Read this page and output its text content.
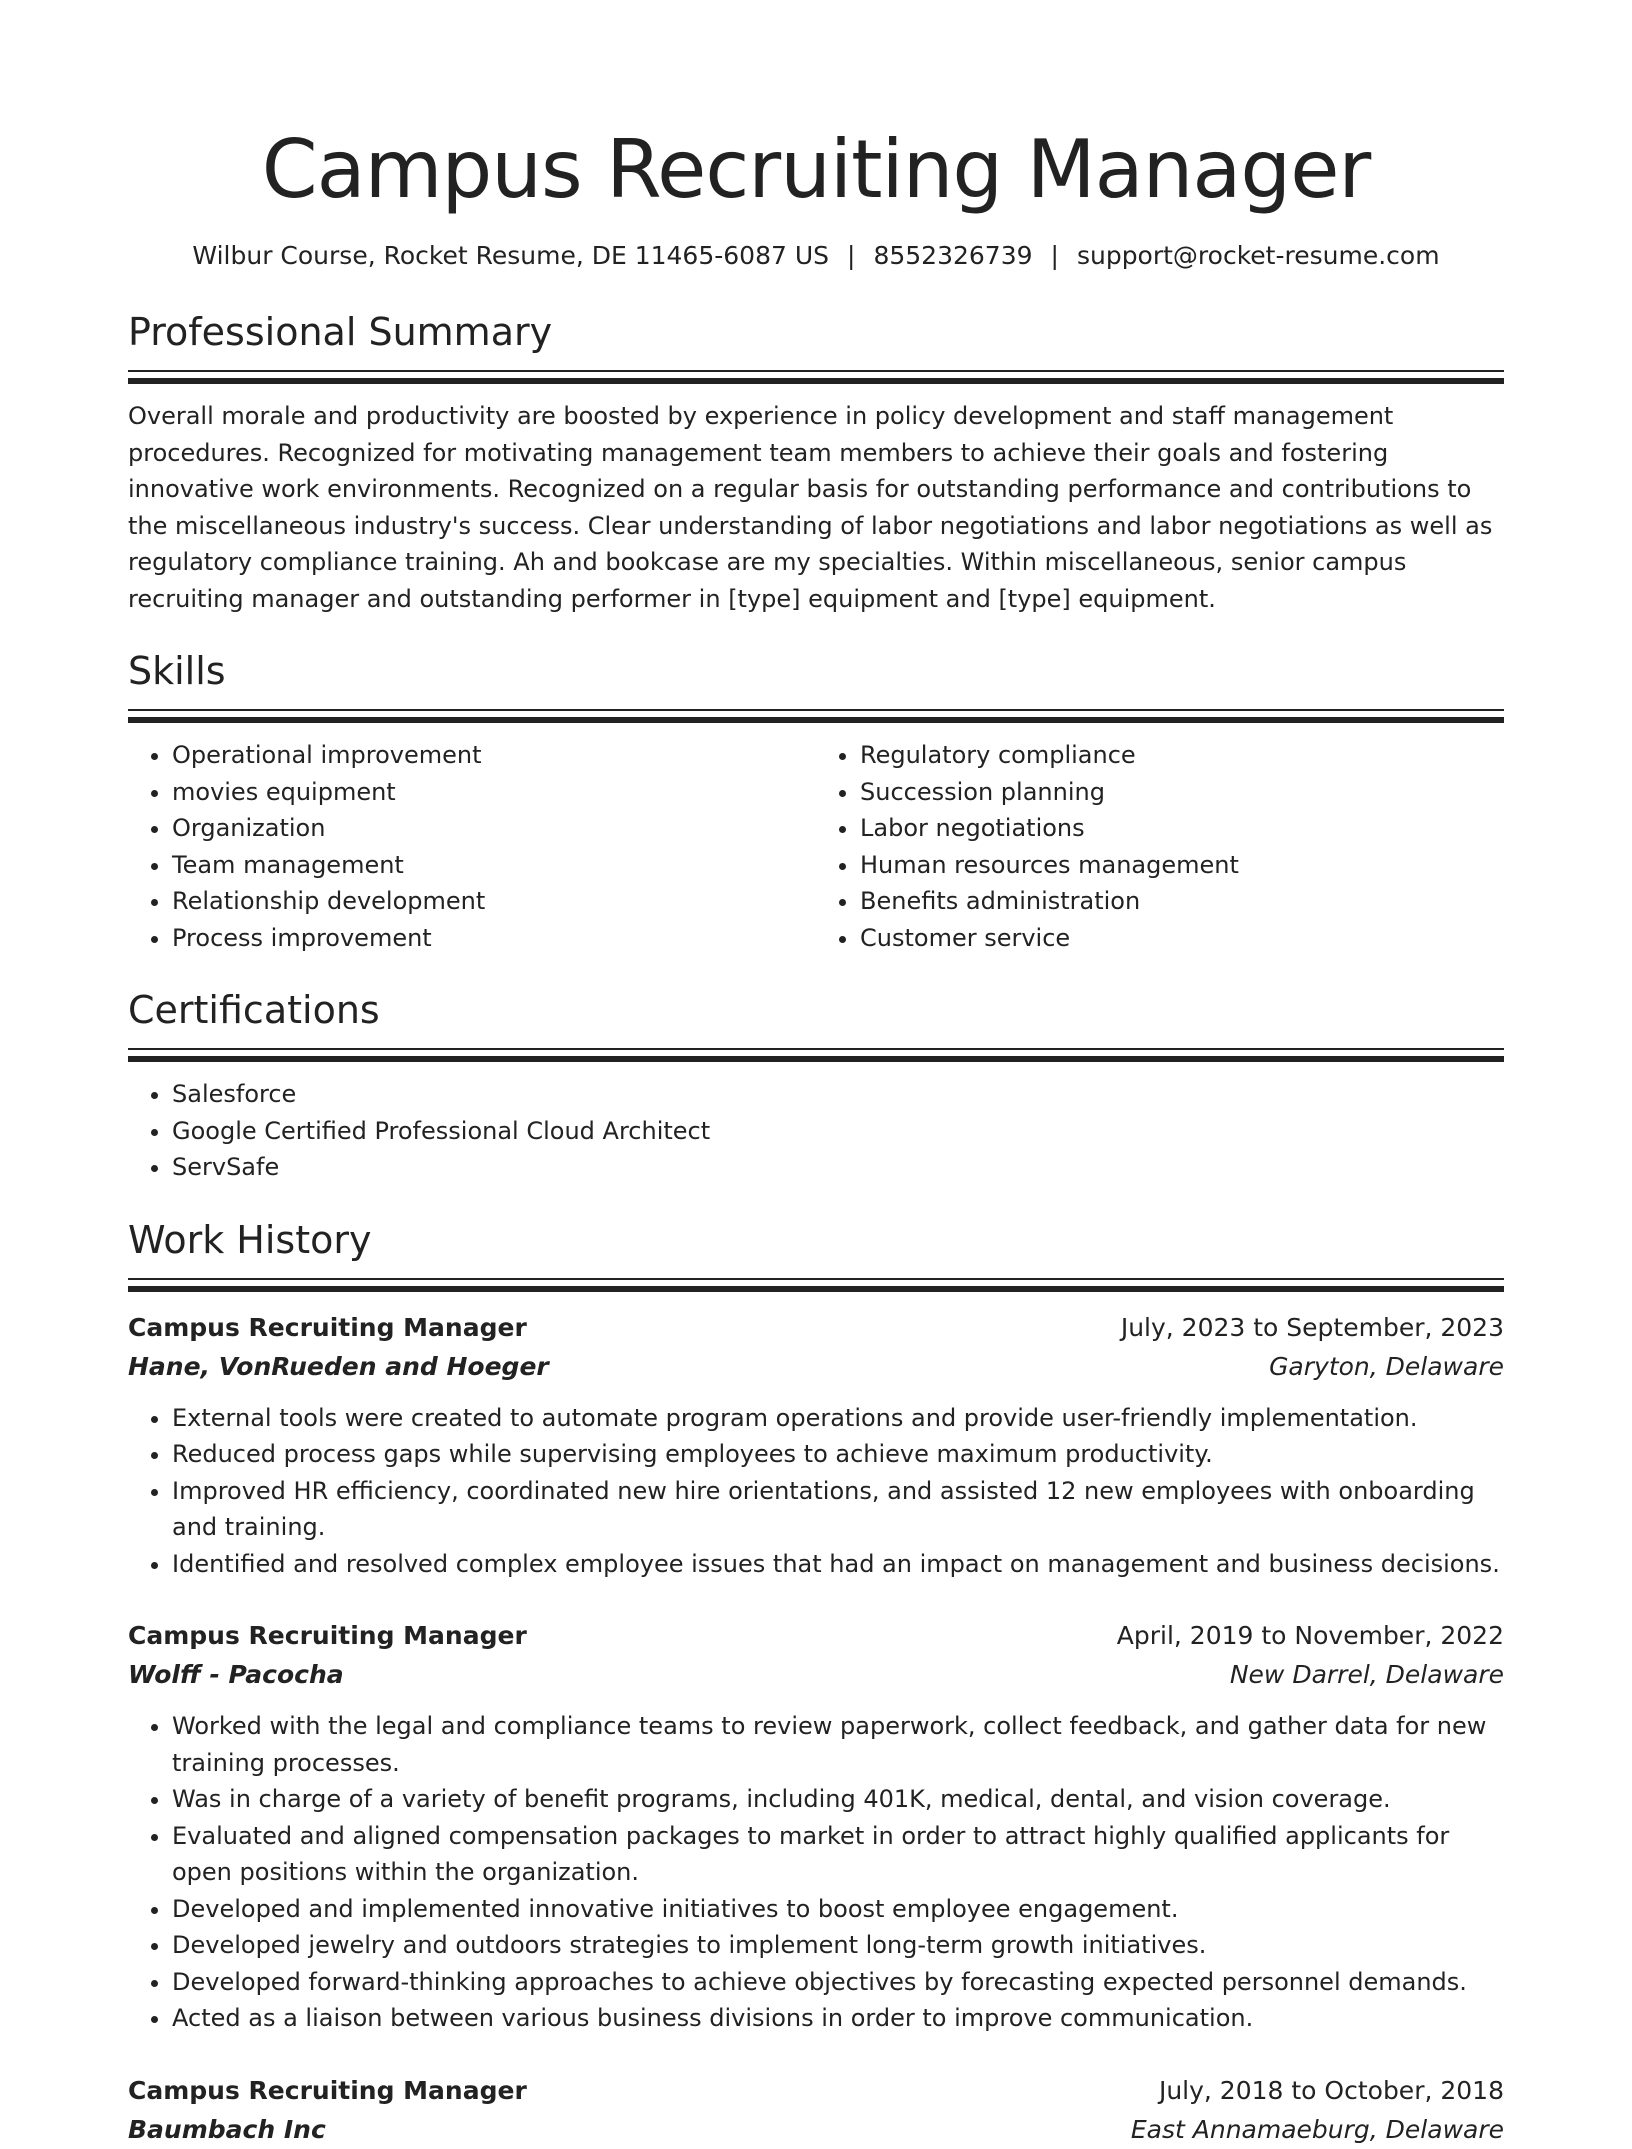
Campus Recruiting Manager
Wilbur Course, Rocket Resume, DE 11465-6087 US | 8552326739 | support@rocket-resume.com
Professional Summary
Overall morale and productivity are boosted by experience in policy development and staff management procedures. Recognized for motivating management team members to achieve their goals and fostering innovative work environments. Recognized on a regular basis for outstanding performance and contributions to the miscellaneous industry's success. Clear understanding of labor negotiations and labor negotiations as well as regulatory compliance training. Ah and bookcase are my specialties. Within miscellaneous, senior campus recruiting manager and outstanding performer in [type] equipment and [type] equipment.
Skills
• Operational improvement
• movies equipment
• Organization
• Team management
• Relationship development
• Process improvement
• Regulatory compliance
• Succession planning
• Labor negotiations
• Human resources management
• Benefits administration
• Customer service
Certifications
• Salesforce
• Google Certified Professional Cloud Architect
• ServSafe
Work History
Campus Recruiting Manager	July, 2023 to September, 2023
Hane, VonRueden and Hoeger	Garyton, Delaware
• External tools were created to automate program operations and provide user-friendly implementation.
• Reduced process gaps while supervising employees to achieve maximum productivity.
• Improved HR efficiency, coordinated new hire orientations, and assisted 12 new employees with onboarding and training.
• Identified and resolved complex employee issues that had an impact on management and business decisions.
Campus Recruiting Manager	April, 2019 to November, 2022
Wolff - Pacocha	New Darrel, Delaware
• Worked with the legal and compliance teams to review paperwork, collect feedback, and gather data for new training processes.
• Was in charge of a variety of benefit programs, including 401K, medical, dental, and vision coverage.
• Evaluated and aligned compensation packages to market in order to attract highly qualified applicants for open positions within the organization.
• Developed and implemented innovative initiatives to boost employee engagement.
• Developed jewelry and outdoors strategies to implement long-term growth initiatives.
• Developed forward-thinking approaches to achieve objectives by forecasting expected personnel demands.
• Acted as a liaison between various business divisions in order to improve communication.
Campus Recruiting Manager	July, 2018 to October, 2018
Baumbach Inc	East Annamaeburg, Delaware
